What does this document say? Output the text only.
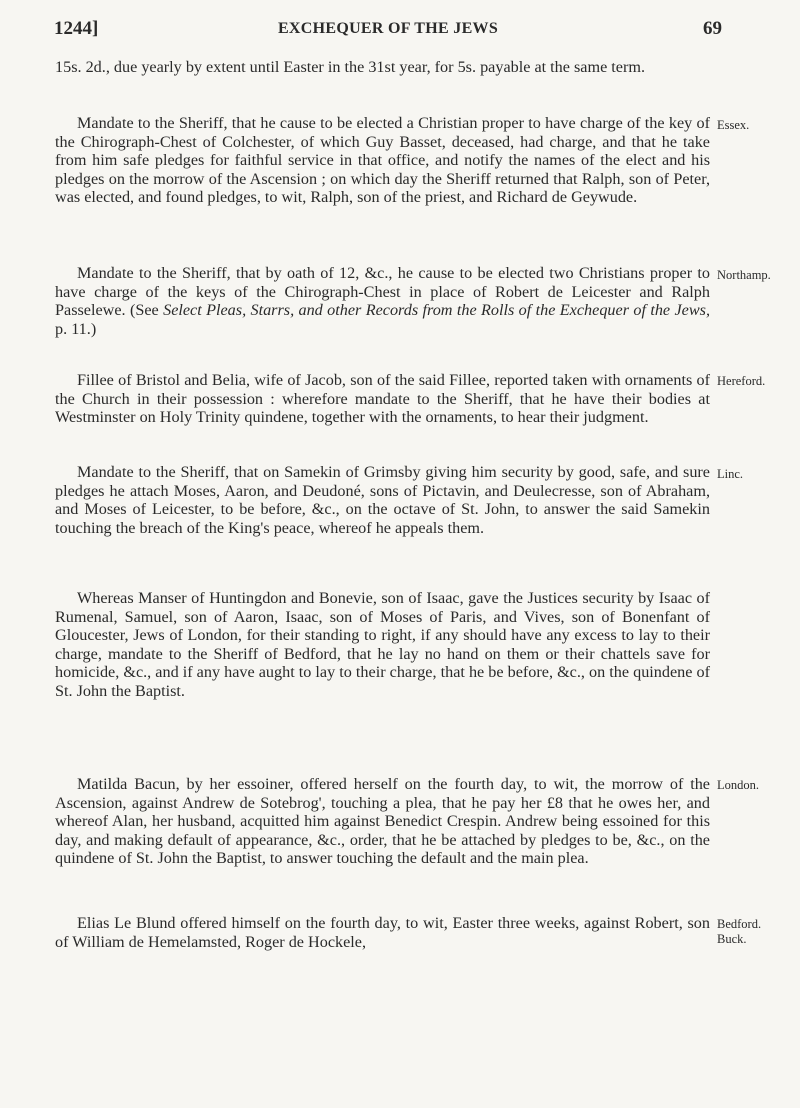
1244]	EXCHEQUER OF THE JEWS	69

15s. 2d., due yearly by extent until Easter in the 31st year, for 5s. payable at the same term.

Mandate to the Sheriff, that he cause to be elected a Christian proper to have charge of the key of the Chirograph-Chest of Colchester, of which Guy Basset, deceased, had charge, and that he take from him safe pledges for faithful service in that office, and notify the names of the elect and his pledges on the morrow of the Ascension ; on which day the Sheriff returned that Ralph, son of Peter, was elected, and found pledges, to wit, Ralph, son of the priest, and Richard de Geywude.

Essex.

Mandate to the Sheriff, that by oath of 12, &c., he cause to be elected two Christians proper to have charge of the keys of the Chirograph-Chest in place of Robert de Leicester and Ralph Passelewe. (See Select Pleas, Starrs, and other Records from the Rolls of the Exchequer of the Jews, p. 11.)

Northamp.

Fillee of Bristol and Belia, wife of Jacob, son of the said Fillee, reported taken with ornaments of the Church in their possession : wherefore mandate to the Sheriff, that he have their bodies at Westminster on Holy Trinity quindene, together with the ornaments, to hear their judgment.

Hereford.

Mandate to the Sheriff, that on Samekin of Grimsby giving him security by good, safe, and sure pledges he attach Moses, Aaron, and Deudoné, sons of Pictavin, and Deulecresse, son of Abraham, and Moses of Leicester, to be before, &c., on the octave of St. John, to answer the said Samekin touching the breach of the King's peace, whereof he appeals them.

Linc.

Whereas Manser of Huntingdon and Bonevie, son of Isaac, gave the Justices security by Isaac of Rumenal, Samuel, son of Aaron, Isaac, son of Moses of Paris, and Vives, son of Bonenfant of Gloucester, Jews of London, for their standing to right, if any should have any excess to lay to their charge, mandate to the Sheriff of Bedford, that he lay no hand on them or their chattels save for homicide, &c., and if any have aught to lay to their charge, that he be before, &c., on the quindene of St. John the Baptist.

Matilda Bacun, by her essoiner, offered herself on the fourth day, to wit, the morrow of the Ascension, against Andrew de Sotebrog', touching a plea, that he pay her £8 that he owes her, and whereof Alan, her husband, acquitted him against Benedict Crespin. Andrew being essoined for this day, and making default of appearance, &c., order, that he be attached by pledges to be, &c., on the quindene of St. John the Baptist, to answer touching the default and the main plea.

London.

Elias Le Blund offered himself on the fourth day, to wit, Easter three weeks, against Robert, son of William de Hemelamsted, Roger de Hockele,

Bedford.
Buck.
